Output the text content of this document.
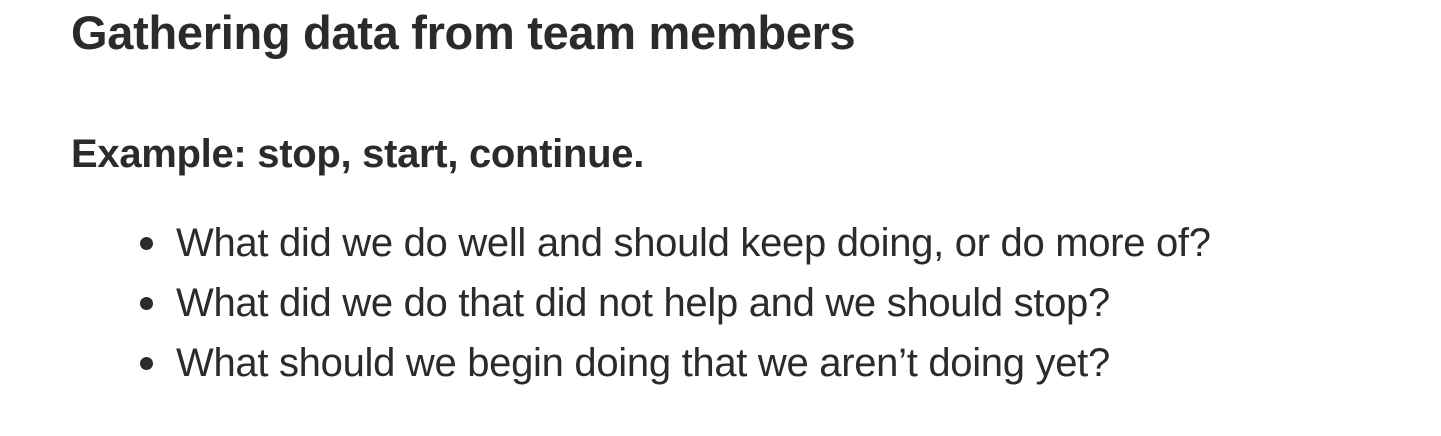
Gathering data from team members
Example: stop, start, continue.
What did we do well and should keep doing, or do more of?
What did we do that did not help and we should stop?
What should we begin doing that we aren’t doing yet?
